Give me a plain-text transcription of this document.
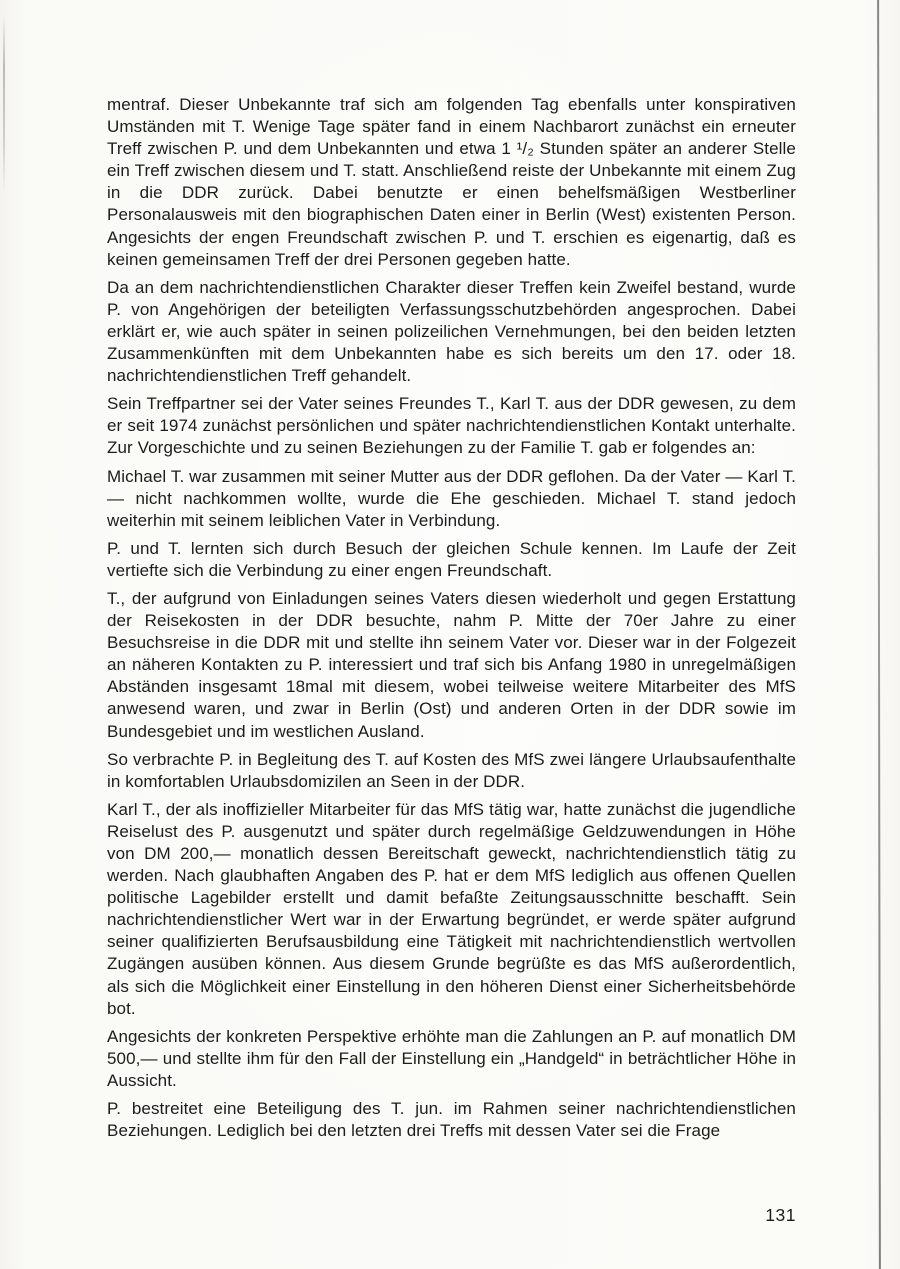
mentraf. Dieser Unbekannte traf sich am folgenden Tag ebenfalls unter konspirativen Umständen mit T. Wenige Tage später fand in einem Nachbarort zunächst ein erneuter Treff zwischen P. und dem Unbekannten und etwa 1 ¹/₂ Stunden später an anderer Stelle ein Treff zwischen diesem und T. statt. Anschließend reiste der Unbekannte mit einem Zug in die DDR zurück. Dabei benutzte er einen behelfsmäßigen Westberliner Personalausweis mit den biographischen Daten einer in Berlin (West) existenten Person. Angesichts der engen Freundschaft zwischen P. und T. erschien es eigenartig, daß es keinen gemeinsamen Treff der drei Personen gegeben hatte.

Da an dem nachrichtendienstlichen Charakter dieser Treffen kein Zweifel bestand, wurde P. von Angehörigen der beteiligten Verfassungsschutzbehörden angesprochen. Dabei erklärt er, wie auch später in seinen polizeilichen Vernehmungen, bei den beiden letzten Zusammenkünften mit dem Unbekannten habe es sich bereits um den 17. oder 18. nachrichtendienstlichen Treff gehandelt.

Sein Treffpartner sei der Vater seines Freundes T., Karl T. aus der DDR gewesen, zu dem er seit 1974 zunächst persönlichen und später nachrichtendienstlichen Kontakt unterhalte. Zur Vorgeschichte und zu seinen Beziehungen zu der Familie T. gab er folgendes an:

Michael T. war zusammen mit seiner Mutter aus der DDR geflohen. Da der Vater — Karl T. — nicht nachkommen wollte, wurde die Ehe geschieden. Michael T. stand jedoch weiterhin mit seinem leiblichen Vater in Verbindung.

P. und T. lernten sich durch Besuch der gleichen Schule kennen. Im Laufe der Zeit vertiefte sich die Verbindung zu einer engen Freundschaft.

T., der aufgrund von Einladungen seines Vaters diesen wiederholt und gegen Erstattung der Reisekosten in der DDR besuchte, nahm P. Mitte der 70er Jahre zu einer Besuchsreise in die DDR mit und stellte ihn seinem Vater vor. Dieser war in der Folgezeit an näheren Kontakten zu P. interessiert und traf sich bis Anfang 1980 in unregelmäßigen Abständen insgesamt 18mal mit diesem, wobei teilweise weitere Mitarbeiter des MfS anwesend waren, und zwar in Berlin (Ost) und anderen Orten in der DDR sowie im Bundesgebiet und im westlichen Ausland.

So verbrachte P. in Begleitung des T. auf Kosten des MfS zwei längere Urlaubsaufenthalte in komfortablen Urlaubsdomizilen an Seen in der DDR.

Karl T., der als inoffizieller Mitarbeiter für das MfS tätig war, hatte zunächst die jugendliche Reiselust des P. ausgenutzt und später durch regelmäßige Geldzuwendungen in Höhe von DM 200,— monatlich dessen Bereitschaft geweckt, nachrichtendienstlich tätig zu werden. Nach glaubhaften Angaben des P. hat er dem MfS lediglich aus offenen Quellen politische Lagebilder erstellt und damit befaßte Zeitungsausschnitte beschafft. Sein nachrichtendienstlicher Wert war in der Erwartung begründet, er werde später aufgrund seiner qualifizierten Berufsausbildung eine Tätigkeit mit nachrichtendienstlich wertvollen Zugängen ausüben können. Aus diesem Grunde begrüßte es das MfS außerordentlich, als sich die Möglichkeit einer Einstellung in den höheren Dienst einer Sicherheitsbehörde bot.

Angesichts der konkreten Perspektive erhöhte man die Zahlungen an P. auf monatlich DM 500,— und stellte ihm für den Fall der Einstellung ein „Handgeld“ in beträchtlicher Höhe in Aussicht.

P. bestreitet eine Beteiligung des T. jun. im Rahmen seiner nachrichtendienstlichen Beziehungen. Lediglich bei den letzten drei Treffs mit dessen Vater sei die Frage

131
